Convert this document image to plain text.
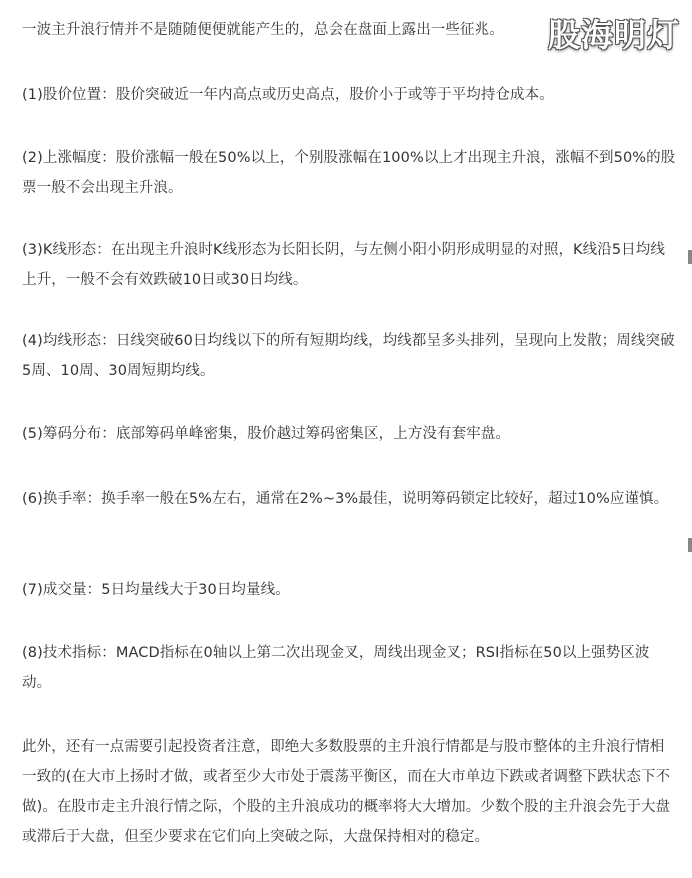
一波主升浪行情并不是随随便便就能产生的，总会在盘面上露出一些征兆。
(1)股价位置：股价突破近一年内高点或历史高点，股价小于或等于平均持仓成本。
(2)上涨幅度：股价涨幅一般在50%以上，个别股涨幅在100%以上才出现主升浪，涨幅不到50%的股票一般不会出现主升浪。
(3)K线形态：在出现主升浪时K线形态为长阳长阴，与左侧小阳小阴形成明显的对照，K线沿5日均线上升，一般不会有效跌破10日或30日均线。
(4)均线形态：日线突破60日均线以下的所有短期均线，均线都呈多头排列，呈现向上发散；周线突破5周、10周、30周短期均线。
(5)筹码分布：底部筹码单峰密集，股价越过筹码密集区，上方没有套牢盘。
(6)换手率：换手率一般在5%左右，通常在2%~3%最佳，说明筹码锁定比较好，超过10%应谨慎。
(7)成交量：5日均量线大于30日均量线。
(8)技术指标：MACD指标在0轴以上第二次出现金叉，周线出现金叉；RSI指标在50以上强势区波动。
此外，还有一点需要引起投资者注意，即绝大多数股票的主升浪行情都是与股市整体的主升浪行情相一致的(在大市上扬时才做，或者至少大市处于震荡平衡区，而在大市单边下跌或者调整下跌状态下不做)。在股市走主升浪行情之际，个股的主升浪成功的概率将大大增加。少数个股的主升浪会先于大盘或滞后于大盘，但至少要求在它们向上突破之际，大盘保持相对的稳定。
股海明灯
